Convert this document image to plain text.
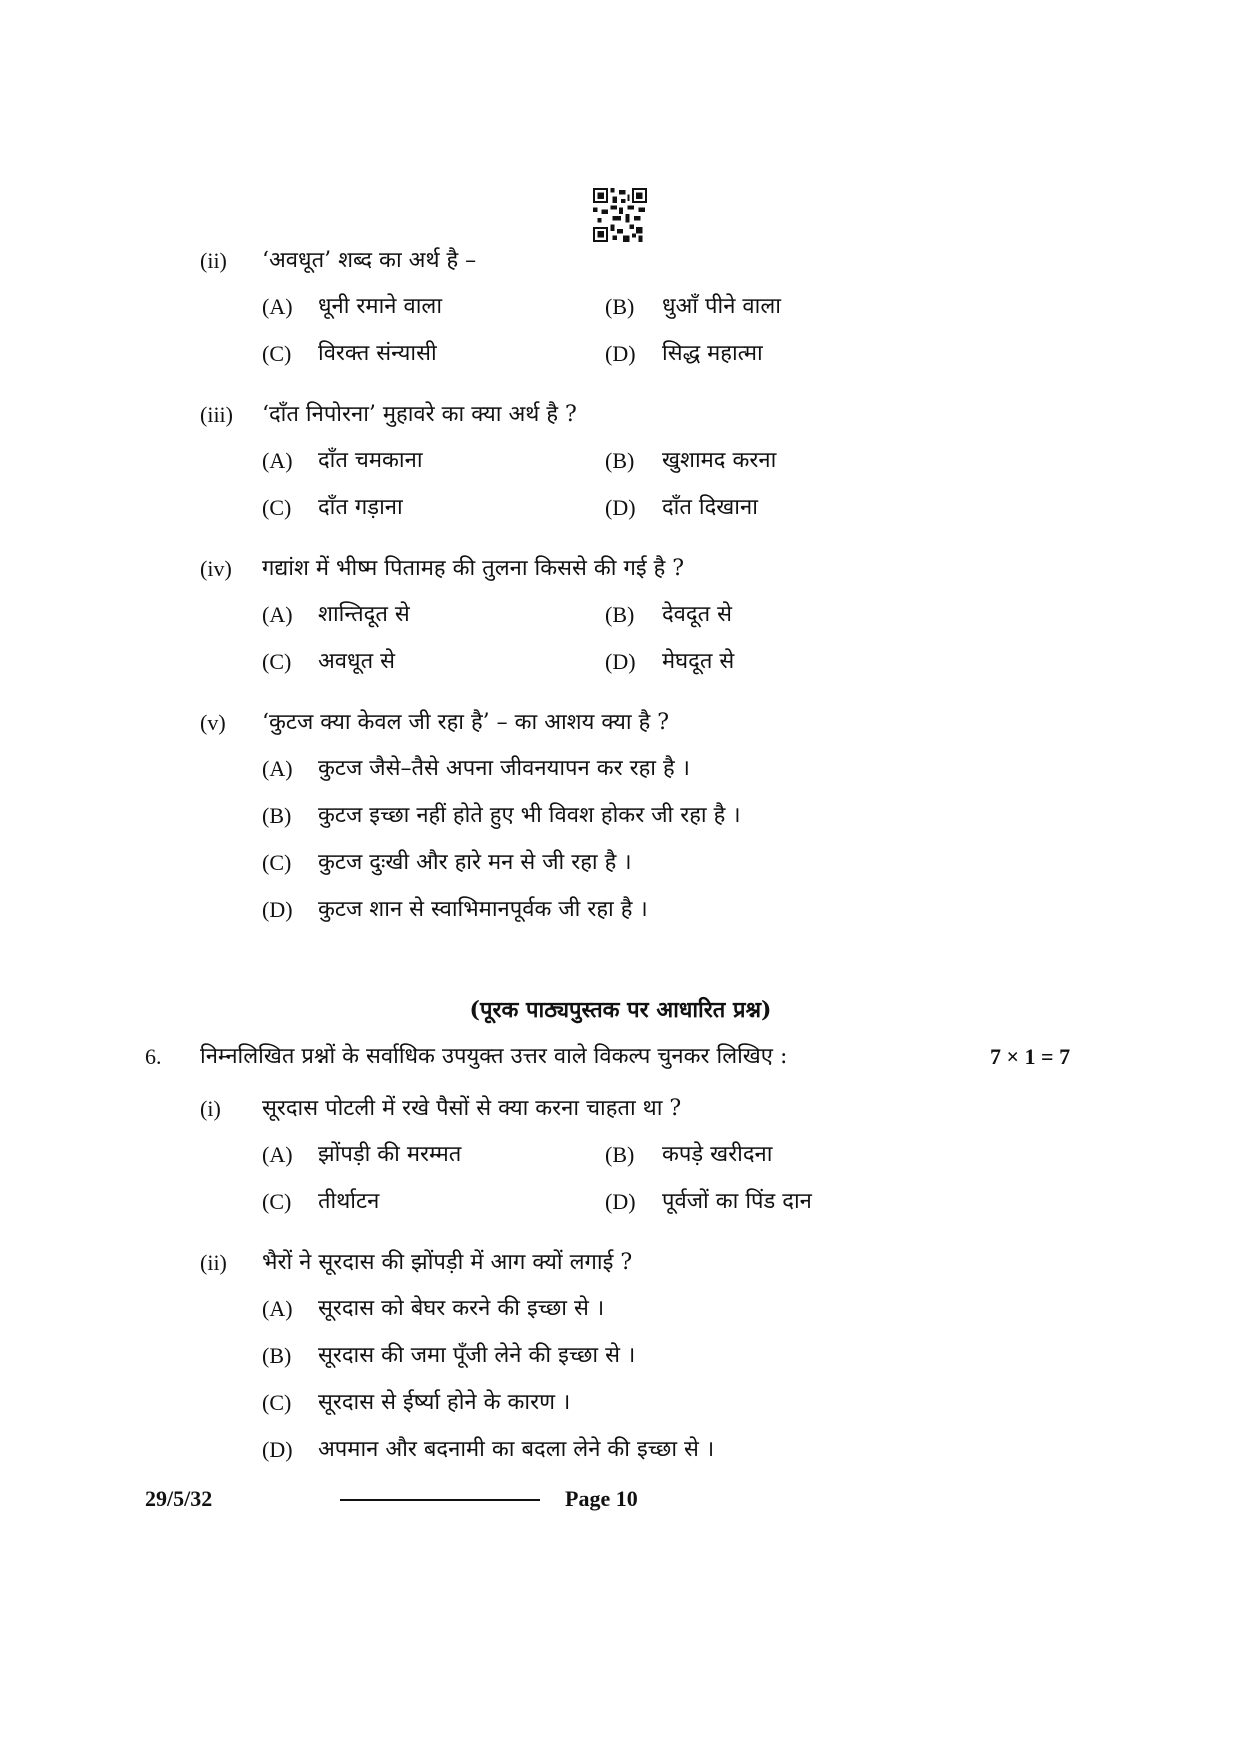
(ii) ‘अवधूत’ शब्द का अर्थ है –
(A) धूनी रमाने वाला	(B) धुआँ पीने वाला
(C) विरक्त संन्यासी	(D) सिद्ध महात्मा
(iii) ‘दाँत निपोरना’ मुहावरे का क्या अर्थ है ?
(A) दाँत चमकाना	(B) खुशामद करना
(C) दाँत गड़ाना	(D) दाँत दिखाना
(iv) गद्यांश में भीष्म पितामह की तुलना किससे की गई है ?
(A) शान्तिदूत से	(B) देवदूत से
(C) अवधूत से	(D) मेघदूत से
(v) ‘कुटज क्या केवल जी रहा है’ – का आशय क्या है ?
(A) कुटज जैसे–तैसे अपना जीवनयापन कर रहा है ।
(B) कुटज इच्छा नहीं होते हुए भी विवश होकर जी रहा है ।
(C) कुटज दुःखी और हारे मन से जी रहा है ।
(D) कुटज शान से स्वाभिमानपूर्वक जी रहा है ।
(पूरक पाठ्यपुस्तक पर आधारित प्रश्न)
6. निम्नलिखित प्रश्नों के सर्वाधिक उपयुक्त उत्तर वाले विकल्प चुनकर लिखिए :	7 × 1 = 7
(i) सूरदास पोटली में रखे पैसों से क्या करना चाहता था ?
(A) झोंपड़ी की मरम्मत	(B) कपड़े खरीदना
(C) तीर्थाटन	(D) पूर्वजों का पिंड दान
(ii) भैरों ने सूरदास की झोंपड़ी में आग क्यों लगाई ?
(A) सूरदास को बेघर करने की इच्छा से ।
(B) सूरदास की जमा पूँजी लेने की इच्छा से ।
(C) सूरदास से ईर्ष्या होने के कारण ।
(D) अपमान और बदनामी का बदला लेने की इच्छा से ।
29/5/32	Page 10
